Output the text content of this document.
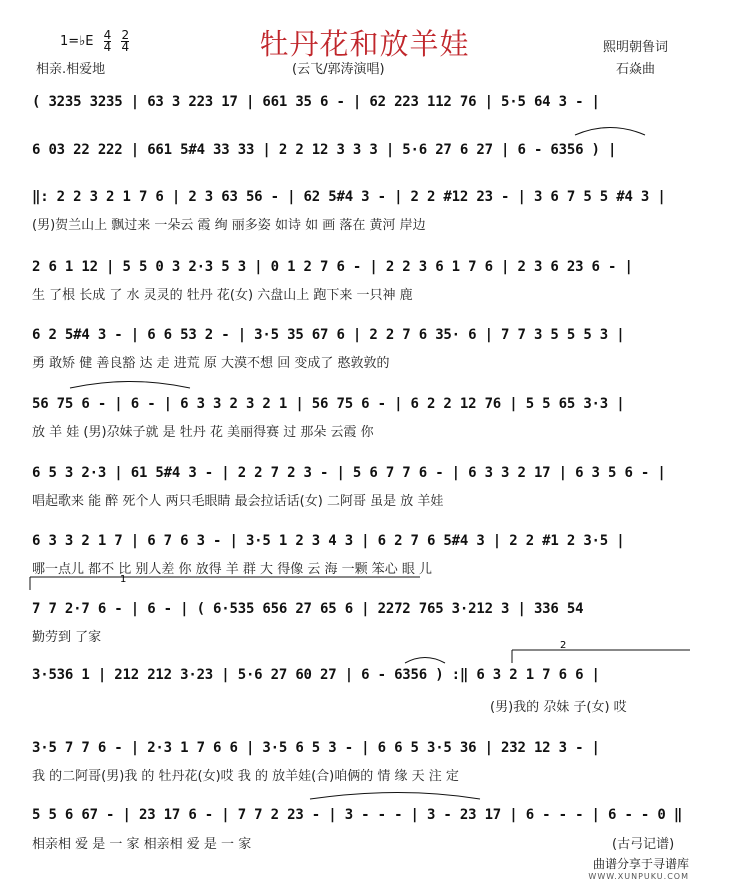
1=♭E $\frac{4}{4}$
$\frac{2}{4}$	牡丹花和放羊娃	熙明朝鲁词
相亲.相爱地	(云飞/郭涛演唱)	石焱曲
( 3235 3235 | 63 3 223 17 | 661 35 6 - | 62 223 112 76 | 5·5 64 3 - |
6 03 22 222 | 661 5#4 33 33 | 2 2 12 3 3 3 | 5·6 27 6 27 | 6 - 6356 ) |
‖: 2 2 3 2 1 7 6 | 2 3 63 56 - | 62 5#4 3 - | 2 2 #12 23 - | 3 6 7 5 5 #4 3 |
(男)贺兰山上 飘过来 一朵云 霞 绚 丽多姿 如诗 如 画 落在 黄河 岸边
2 6 1 12 | 5 5 0 3 2·3 5 3 | 0 1 2 7 6 - | 2 2 3 6 1 7 6 | 2 3 6 23 6 - |
生 了根 长成 了 水 灵灵的 牡丹 花(女) 六盘山上 跑下来 一只神 鹿
6 2 5#4 3 - | 6 6 53 2 - | 3·5 35 67 6 | 2 2 7 6 35· 6 | 7 7 3 5 5 5 3 |
勇 敢矫 健 善良豁 达 走 进荒 原 大漠不想 回 变成了 憨敦敦的
56 75 6 - | 6 - | 6 3 3 2 3 2 1 | 56 75 6 - | 6 2 2 12 76 | 5 5 65 3·3 |
放 羊 娃 (男)尕妹子就 是 牡丹 花 美丽得赛 过 那朵 云霞 你
6 5 3 2·3 | 61 5#4 3 - | 2 2 7 2 3 - | 5 6 7 7 6 - | 6 3 3 2 17 | 6 3 5 6 - |
唱起歌来 能 醉 死个人 两只毛眼睛 最会拉话话(女) 二阿哥 虽是 放 羊娃
6 3 3 2 1 7 | 6 7 6 3 - | 3·5 1 2 3 4 3 | 6 2 7 6 5#4 3 | 2 2 #1 2 3·5 |
哪一点儿 都不 比 别人差 你 放得 羊 群 大 得像 云 海 一颗 笨心 眼 儿
7 7 2·7 6 - | 6 - | ( 6·535 656 27 65 6 | 2272 765 3·212 3 | 336 54
勤劳到 了家
3·536 1 | 212 212 3·23 | 5·6 27 60 27 | 6 - 6356 ) :‖ 6 3 2 1 7 6 6 |
(男)我的 尕妹 子(女) 哎
3·5 7 7 6 - | 2·3 1 7 6 6 | 3·5 6 5 3 - | 6 6 5 3·5 36 | 232 12 3 - |
我 的二阿哥(男)我 的 牡丹花(女)哎 我 的 放羊娃(合)咱俩的 情 缘 天 注 定
5 5 6 67 - | 23 17 6 - | 7 7 2 23 - | 3 - - - | 3 - 23 17 | 6 - - - | 6 - - 0 ‖
相亲相 爱 是 一 家 相亲相 爱 是 一 家	(古弓记谱)
1
2
曲谱分享于寻谱库
WWW.XUNPUKU.COM
